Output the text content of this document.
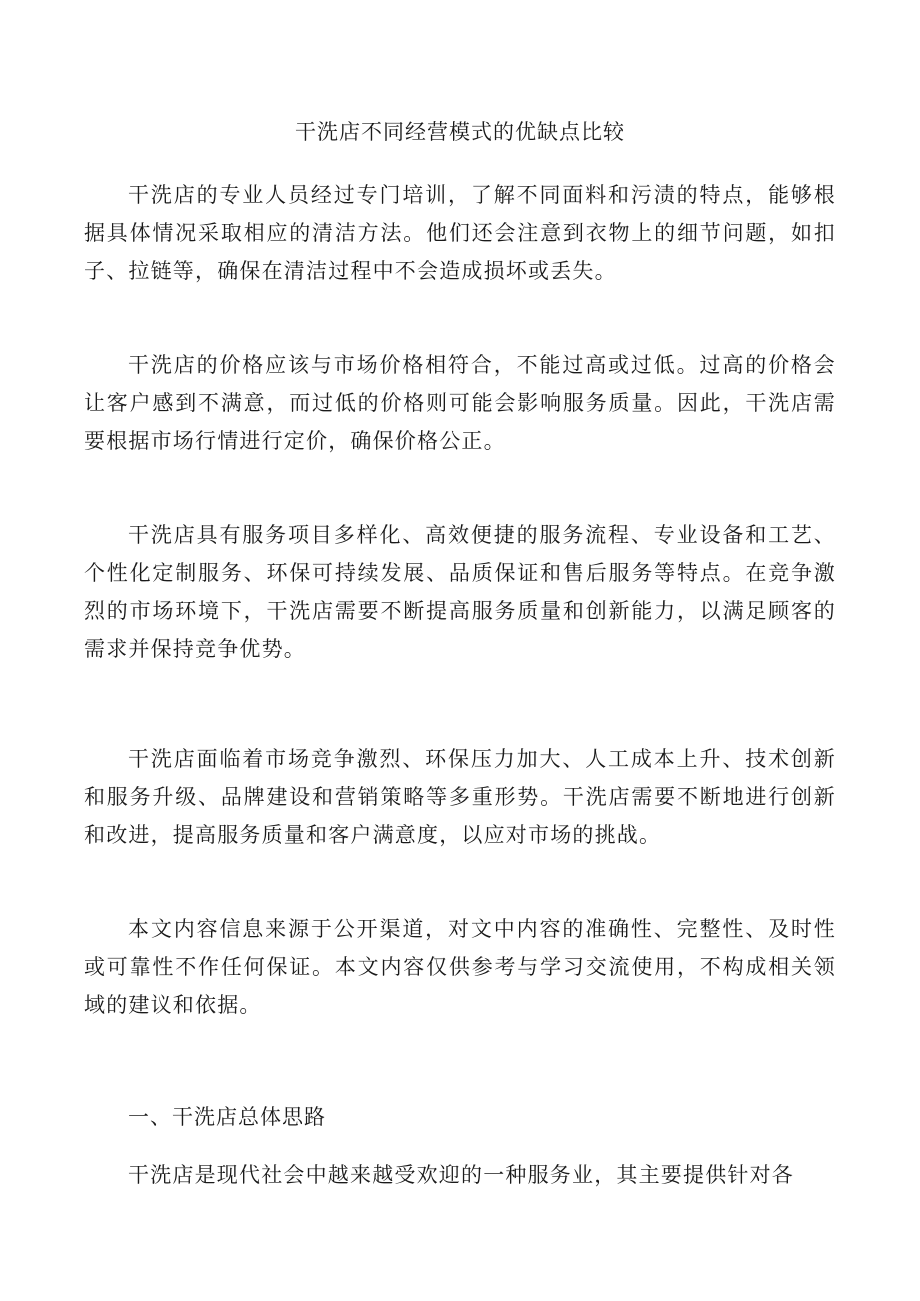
干洗店不同经营模式的优缺点比较

干洗店的专业人员经过专门培训，了解不同面料和污渍的特点，能够根据具体情况采取相应的清洁方法。他们还会注意到衣物上的细节问题，如扣子、拉链等，确保在清洁过程中不会造成损坏或丢失。

干洗店的价格应该与市场价格相符合，不能过高或过低。过高的价格会让客户感到不满意，而过低的价格则可能会影响服务质量。因此，干洗店需要根据市场行情进行定价，确保价格公正。

干洗店具有服务项目多样化、高效便捷的服务流程、专业设备和工艺、个性化定制服务、环保可持续发展、品质保证和售后服务等特点。在竞争激烈的市场环境下，干洗店需要不断提高服务质量和创新能力，以满足顾客的需求并保持竞争优势。

干洗店面临着市场竞争激烈、环保压力加大、人工成本上升、技术创新和服务升级、品牌建设和营销策略等多重形势。干洗店需要不断地进行创新和改进，提高服务质量和客户满意度，以应对市场的挑战。

本文内容信息来源于公开渠道，对文中内容的准确性、完整性、及时性或可靠性不作任何保证。本文内容仅供参考与学习交流使用，不构成相关领域的建议和依据。

一、干洗店总体思路

干洗店是现代社会中越来越受欢迎的一种服务业，其主要提供针对各
